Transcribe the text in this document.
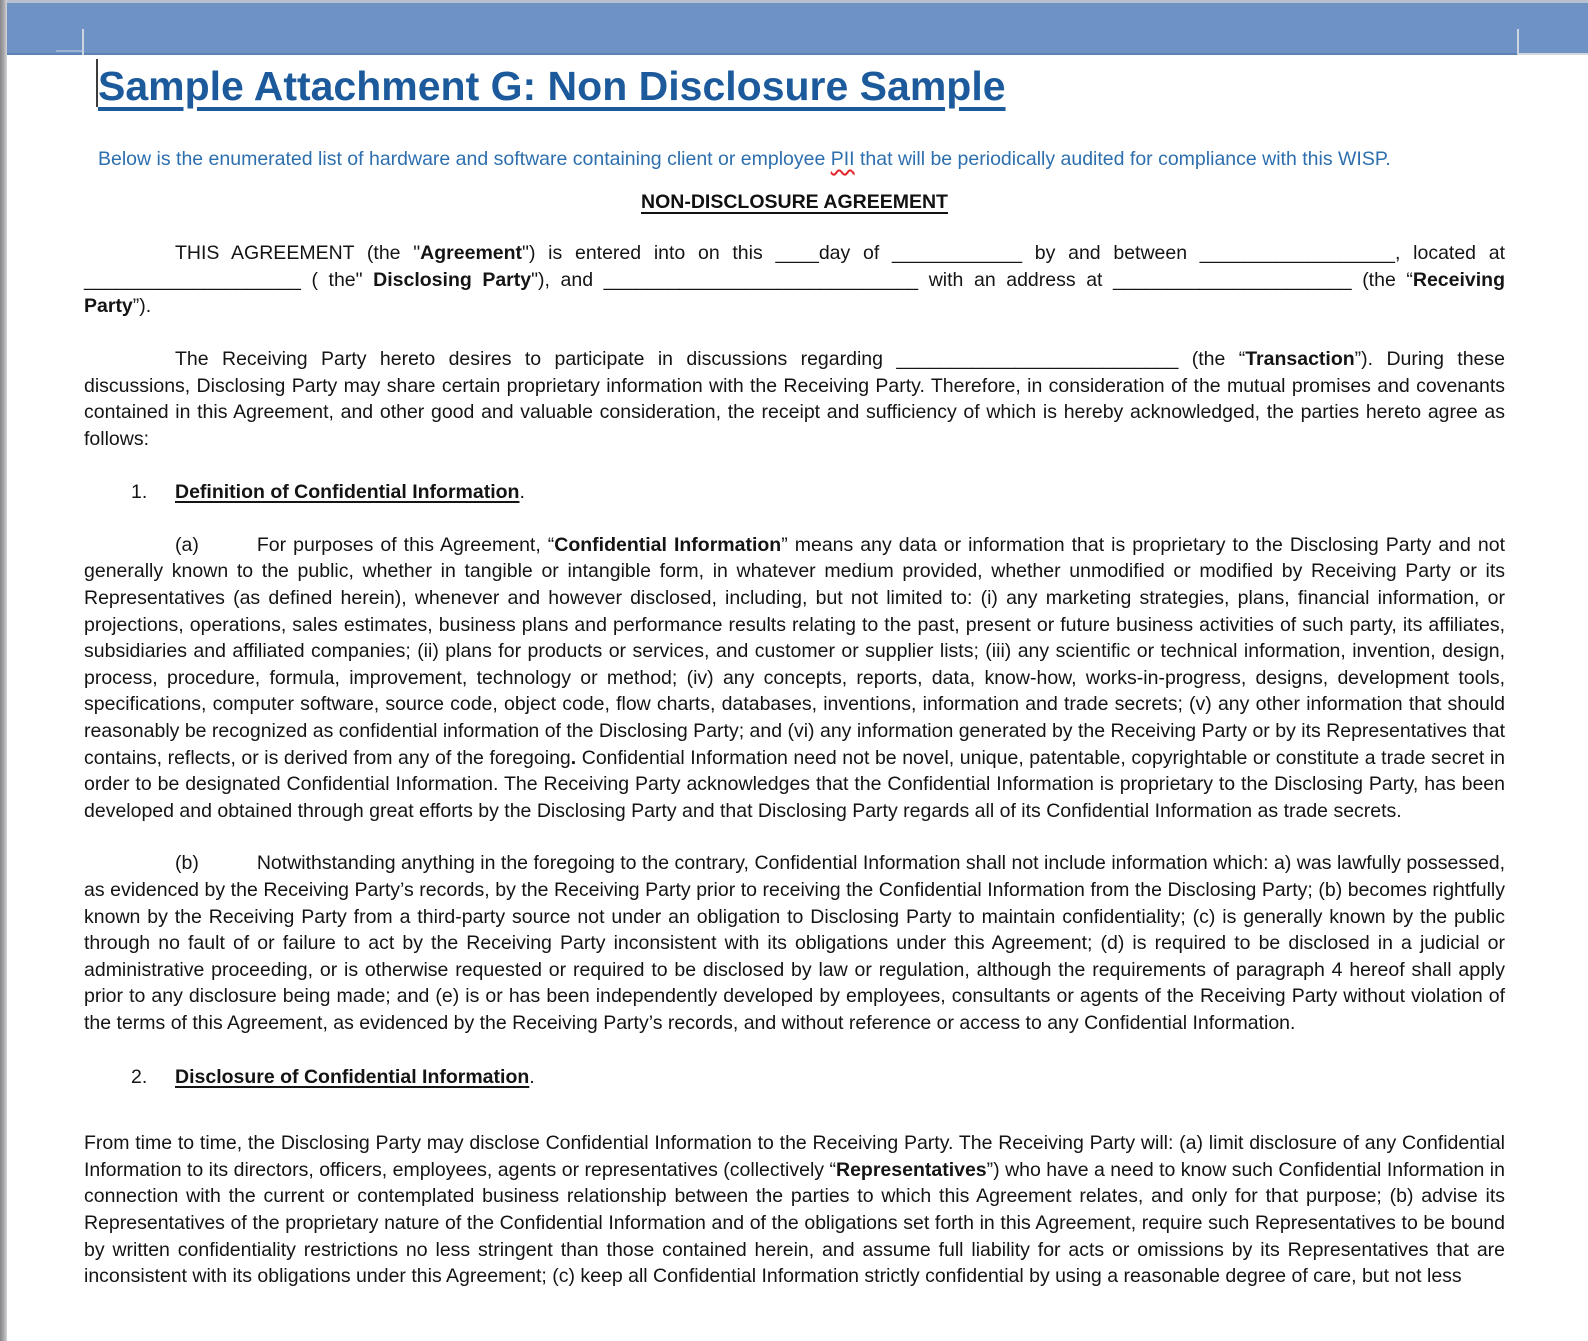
Sample Attachment G: Non Disclosure Sample

Below is the enumerated list of hardware and software containing client or employee PII that will be periodically audited for compliance with this WISP.

NON-DISCLOSURE AGREEMENT

THIS AGREEMENT (the "Agreement") is entered into on this ____day of ____________ by and between __________________, located at ____________________ ( the" Disclosing Party"), and _____________________________ with an address at ______________________ (the “Receiving Party”).

The Receiving Party hereto desires to participate in discussions regarding __________________________ (the “Transaction”). During these discussions, Disclosing Party may share certain proprietary information with the Receiving Party. Therefore, in consideration of the mutual promises and covenants contained in this Agreement, and other good and valuable consideration, the receipt and sufficiency of which is hereby acknowledged, the parties hereto agree as follows:

1. Definition of Confidential Information.

(a)	For purposes of this Agreement, “Confidential Information” means any data or information that is proprietary to the Disclosing Party and not generally known to the public, whether in tangible or intangible form, in whatever medium provided, whether unmodified or modified by Receiving Party or its Representatives (as defined herein), whenever and however disclosed, including, but not limited to: (i) any marketing strategies, plans, financial information, or projections, operations, sales estimates, business plans and performance results relating to the past, present or future business activities of such party, its affiliates, subsidiaries and affiliated companies; (ii) plans for products or services, and customer or supplier lists; (iii) any scientific or technical information, invention, design, process, procedure, formula, improvement, technology or method; (iv) any concepts, reports, data, know-how, works-in-progress, designs, development tools, specifications, computer software, source code, object code, flow charts, databases, inventions, information and trade secrets; (v) any other information that should reasonably be recognized as confidential information of the Disclosing Party; and (vi) any information generated by the Receiving Party or by its Representatives that contains, reflects, or is derived from any of the foregoing. Confidential Information need not be novel, unique, patentable, copyrightable or constitute a trade secret in order to be designated Confidential Information. The Receiving Party acknowledges that the Confidential Information is proprietary to the Disclosing Party, has been developed and obtained through great efforts by the Disclosing Party and that Disclosing Party regards all of its Confidential Information as trade secrets.

(b)	Notwithstanding anything in the foregoing to the contrary, Confidential Information shall not include information which: a) was lawfully possessed, as evidenced by the Receiving Party’s records, by the Receiving Party prior to receiving the Confidential Information from the Disclosing Party; (b) becomes rightfully known by the Receiving Party from a third-party source not under an obligation to Disclosing Party to maintain confidentiality; (c) is generally known by the public through no fault of or failure to act by the Receiving Party inconsistent with its obligations under this Agreement; (d) is required to be disclosed in a judicial or administrative proceeding, or is otherwise requested or required to be disclosed by law or regulation, although the requirements of paragraph 4 hereof shall apply prior to any disclosure being made; and (e) is or has been independently developed by employees, consultants or agents of the Receiving Party without violation of the terms of this Agreement, as evidenced by the Receiving Party’s records, and without reference or access to any Confidential Information.

2. Disclosure of Confidential Information.

From time to time, the Disclosing Party may disclose Confidential Information to the Receiving Party. The Receiving Party will: (a) limit disclosure of any Confidential Information to its directors, officers, employees, agents or representatives (collectively “Representatives”) who have a need to know such Confidential Information in connection with the current or contemplated business relationship between the parties to which this Agreement relates, and only for that purpose; (b) advise its Representatives of the proprietary nature of the Confidential Information and of the obligations set forth in this Agreement, require such Representatives to be bound by written confidentiality restrictions no less stringent than those contained herein, and assume full liability for acts or omissions by its Representatives that are inconsistent with its obligations under this Agreement; (c) keep all Confidential Information strictly confidential by using a reasonable degree of care, but not less
